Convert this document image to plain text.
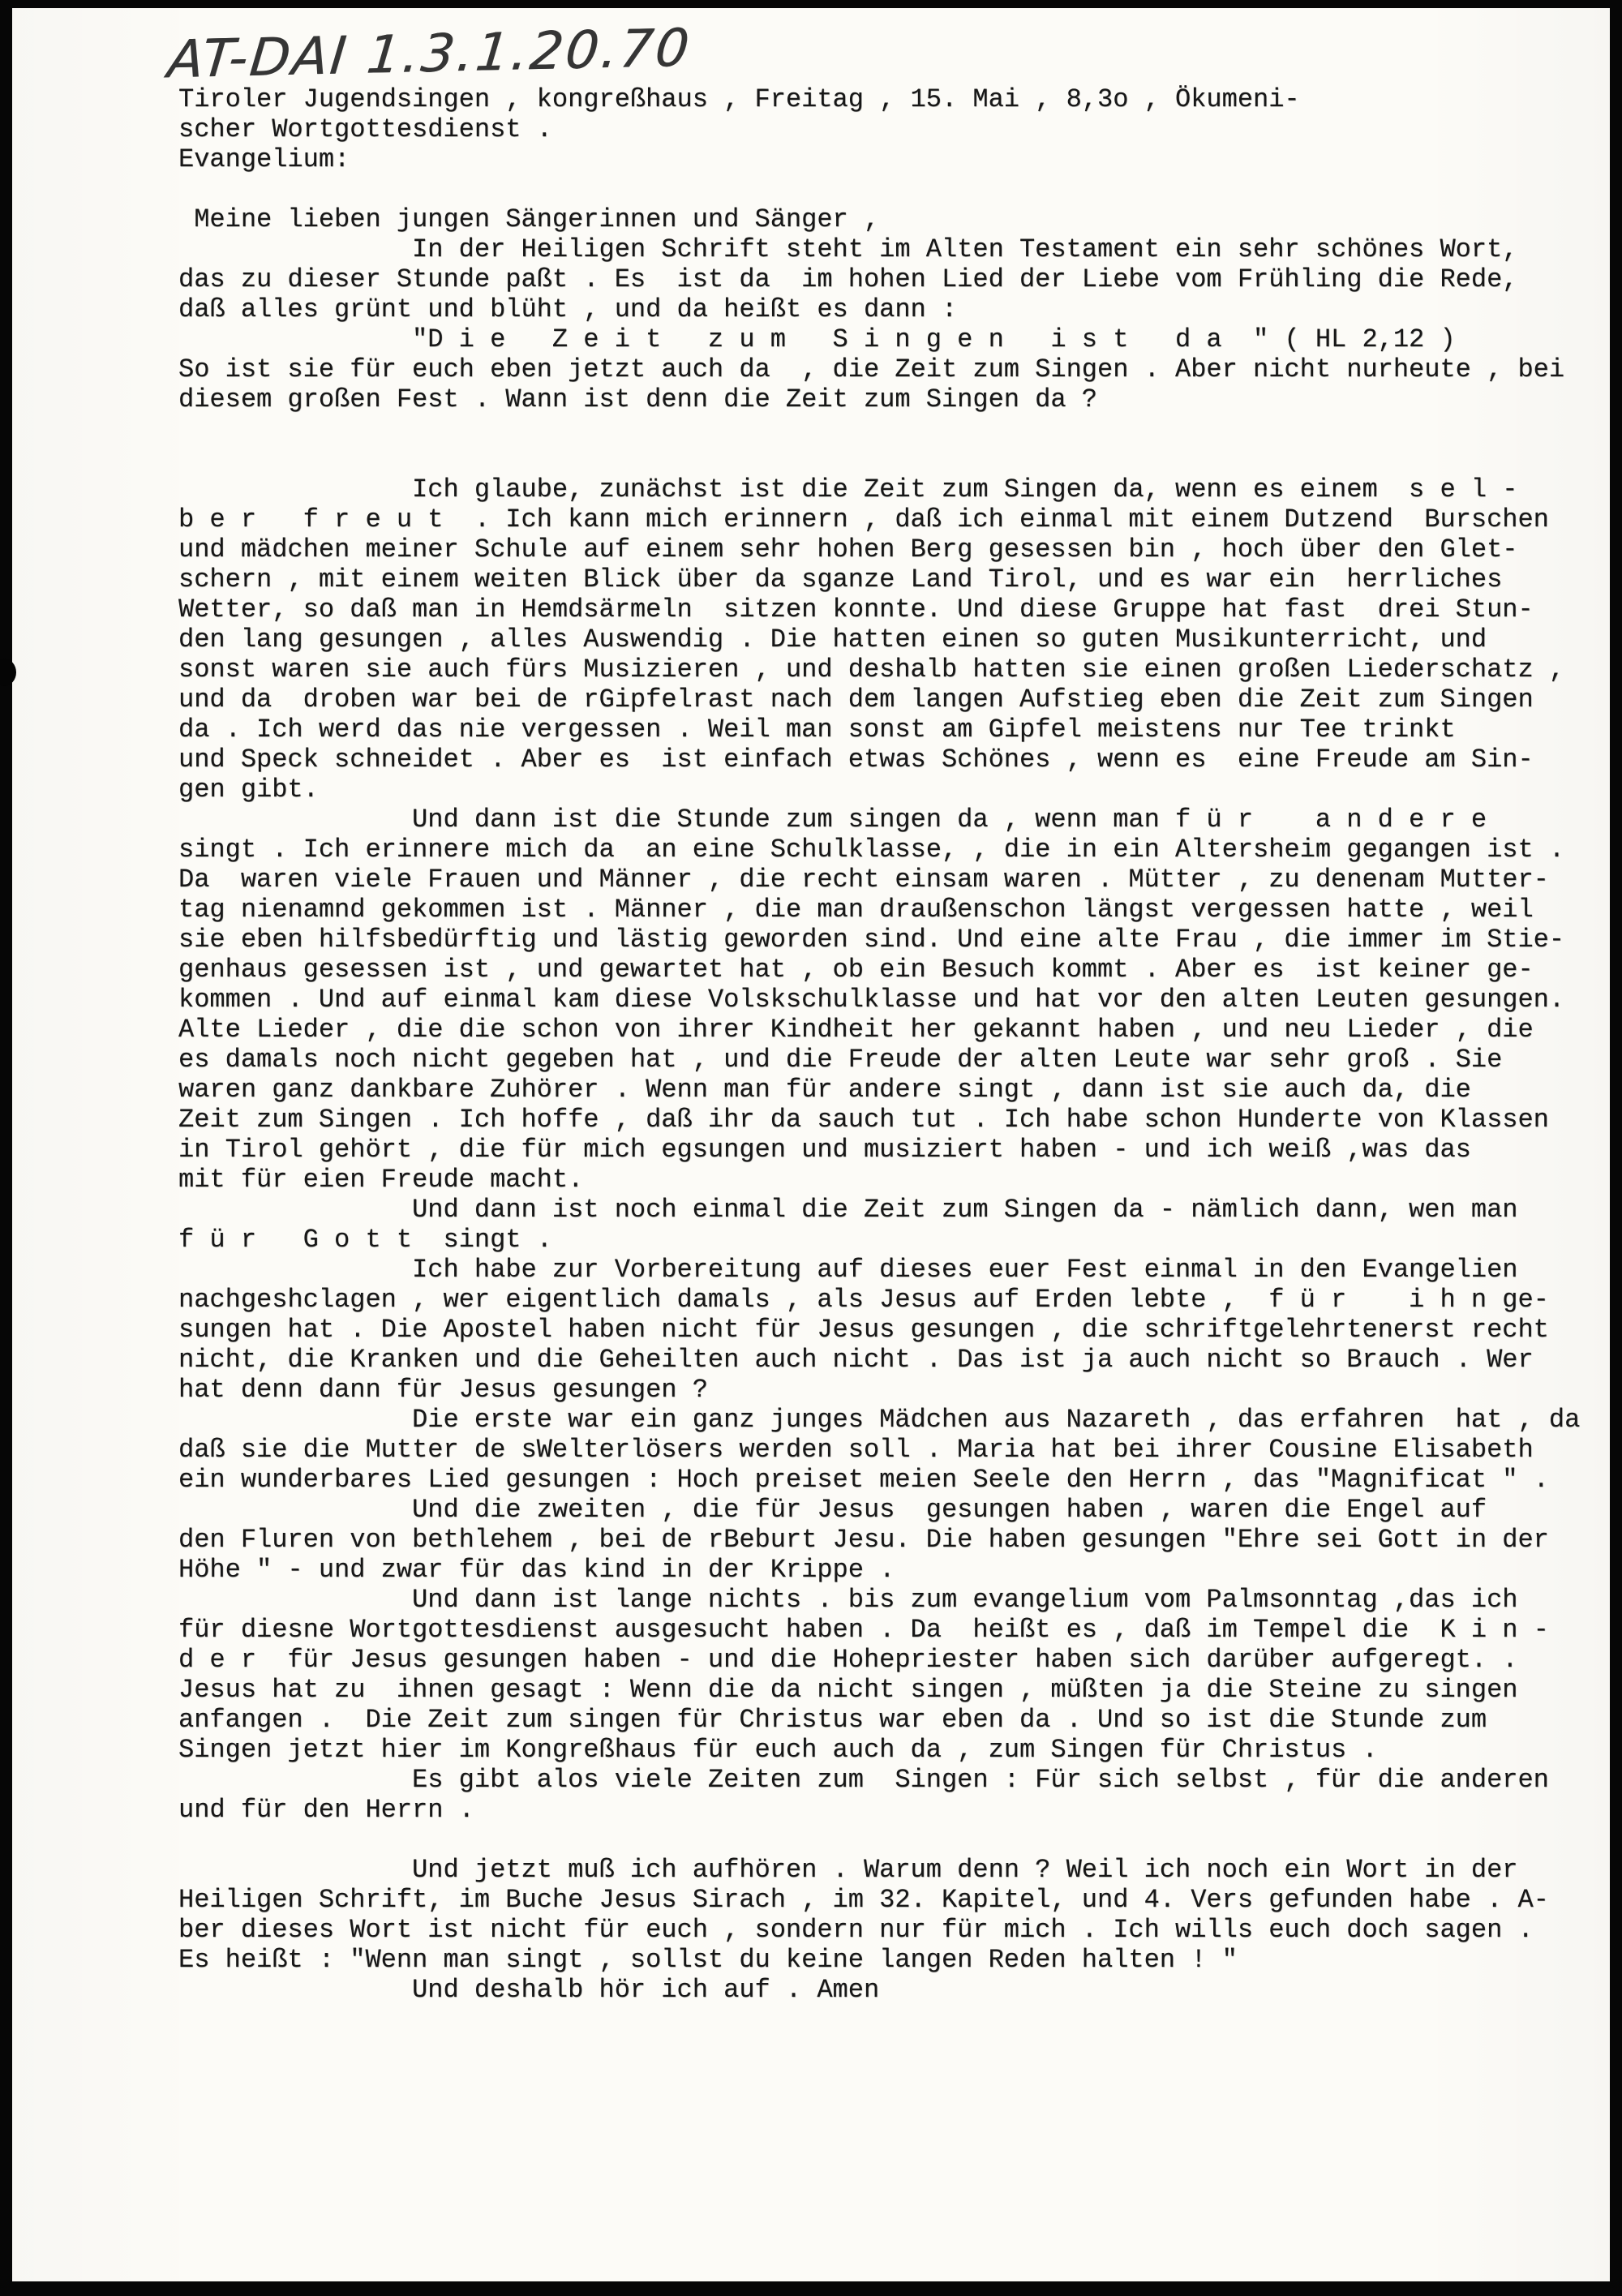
AT-DAI 1.3.1.20.70
Tiroler Jugendsingen , kongreßhaus , Freitag , 15. Mai , 8,3o , Ökumeni-
scher Wortgottesdienst .
Evangelium:

Meine lieben jungen Sängerinnen und Sänger ,
In der Heiligen Schrift steht im Alten Testament ein sehr schönes Wort,
das zu dieser Stunde paßt . Es  ist da  im hohen Lied der Liebe vom Frühling die Rede,
daß alles grünt und blüht , und da heißt es dann :
"D i e   Z e i t   z u m   S i n g e n   i s t   d a  " ( HL 2,12 )
So ist sie für euch eben jetzt auch da  , die Zeit zum Singen . Aber nicht nurheute , bei
diesem großen Fest . Wann ist denn die Zeit zum Singen da ?

Ich glaube, zunächst ist die Zeit zum Singen da, wenn es einem  s e l -
b e r   f r e u t  . Ich kann mich erinnern , daß ich einmal mit einem Dutzend  Burschen
und mädchen meiner Schule auf einem sehr hohen Berg gesessen bin , hoch über den Glet-
schern , mit einem weiten Blick über da sganze Land Tirol, und es war ein  herrliches
Wetter, so daß man in Hemdsärmeln  sitzen konnte. Und diese Gruppe hat fast  drei Stun-
den lang gesungen , alles Auswendig . Die hatten einen so guten Musikunterricht, und
sonst waren sie auch fürs Musizieren , und deshalb hatten sie einen großen Liederschatz ,
und da  droben war bei de rGipfelrast nach dem langen Aufstieg eben die Zeit zum Singen
da . Ich werd das nie vergessen . Weil man sonst am Gipfel meistens nur Tee trinkt
und Speck schneidet . Aber es  ist einfach etwas Schönes , wenn es  eine Freude am Sin-
gen gibt.
Und dann ist die Stunde zum singen da , wenn man f ü r    a n d e r e
singt . Ich erinnere mich da  an eine Schulklasse, , die in ein Altersheim gegangen ist .
Da  waren viele Frauen und Männer , die recht einsam waren . Mütter , zu denenam Mutter-
tag nienamnd gekommen ist . Männer , die man draußenschon längst vergessen hatte , weil
sie eben hilfsbedürftig und lästig geworden sind. Und eine alte Frau , die immer im Stie-
genhaus gesessen ist , und gewartet hat , ob ein Besuch kommt . Aber es  ist keiner ge-
kommen . Und auf einmal kam diese Volskschulklasse und hat vor den alten Leuten gesungen.
Alte Lieder , die die schon von ihrer Kindheit her gekannt haben , und neu Lieder , die
es damals noch nicht gegeben hat , und die Freude der alten Leute war sehr groß . Sie
waren ganz dankbare Zuhörer . Wenn man für andere singt , dann ist sie auch da, die
Zeit zum Singen . Ich hoffe , daß ihr da sauch tut . Ich habe schon Hunderte von Klassen
in Tirol gehört , die für mich egsungen und musiziert haben - und ich weiß ,was das
mit für eien Freude macht.
Und dann ist noch einmal die Zeit zum Singen da - nämlich dann, wen man
f ü r   G o t t  singt .
Ich habe zur Vorbereitung auf dieses euer Fest einmal in den Evangelien
nachgeshclagen , wer eigentlich damals , als Jesus auf Erden lebte ,  f ü r    i h n ge-
sungen hat . Die Apostel haben nicht für Jesus gesungen , die schriftgelehrtenerst recht
nicht, die Kranken und die Geheilten auch nicht . Das ist ja auch nicht so Brauch . Wer
hat denn dann für Jesus gesungen ?
Die erste war ein ganz junges Mädchen aus Nazareth , das erfahren  hat , da
daß sie die Mutter de sWelterlösers werden soll . Maria hat bei ihrer Cousine Elisabeth
ein wunderbares Lied gesungen : Hoch preiset meien Seele den Herrn , das "Magnificat " .
Und die zweiten , die für Jesus  gesungen haben , waren die Engel auf
den Fluren von bethlehem , bei de rBeburt Jesu. Die haben gesungen "Ehre sei Gott in der
Höhe " - und zwar für das kind in der Krippe .
Und dann ist lange nichts . bis zum evangelium vom Palmsonntag ,das ich
für diesne Wortgottesdienst ausgesucht haben . Da  heißt es , daß im Tempel die  K i n -
d e r  für Jesus gesungen haben - und die Hohepriester haben sich darüber aufgeregt. .
Jesus hat zu  ihnen gesagt : Wenn die da nicht singen , müßten ja die Steine zu singen
anfangen .  Die Zeit zum singen für Christus war eben da . Und so ist die Stunde zum
Singen jetzt hier im Kongreßhaus für euch auch da , zum Singen für Christus .
Es gibt alos viele Zeiten zum  Singen : Für sich selbst , für die anderen
und für den Herrn .

Und jetzt muß ich aufhören . Warum denn ? Weil ich noch ein Wort in der
Heiligen Schrift, im Buche Jesus Sirach , im 32. Kapitel, und 4. Vers gefunden habe . A-
ber dieses Wort ist nicht für euch , sondern nur für mich . Ich wills euch doch sagen .
Es heißt : "Wenn man singt , sollst du keine langen Reden halten ! "
Und deshalb hör ich auf . Amen
